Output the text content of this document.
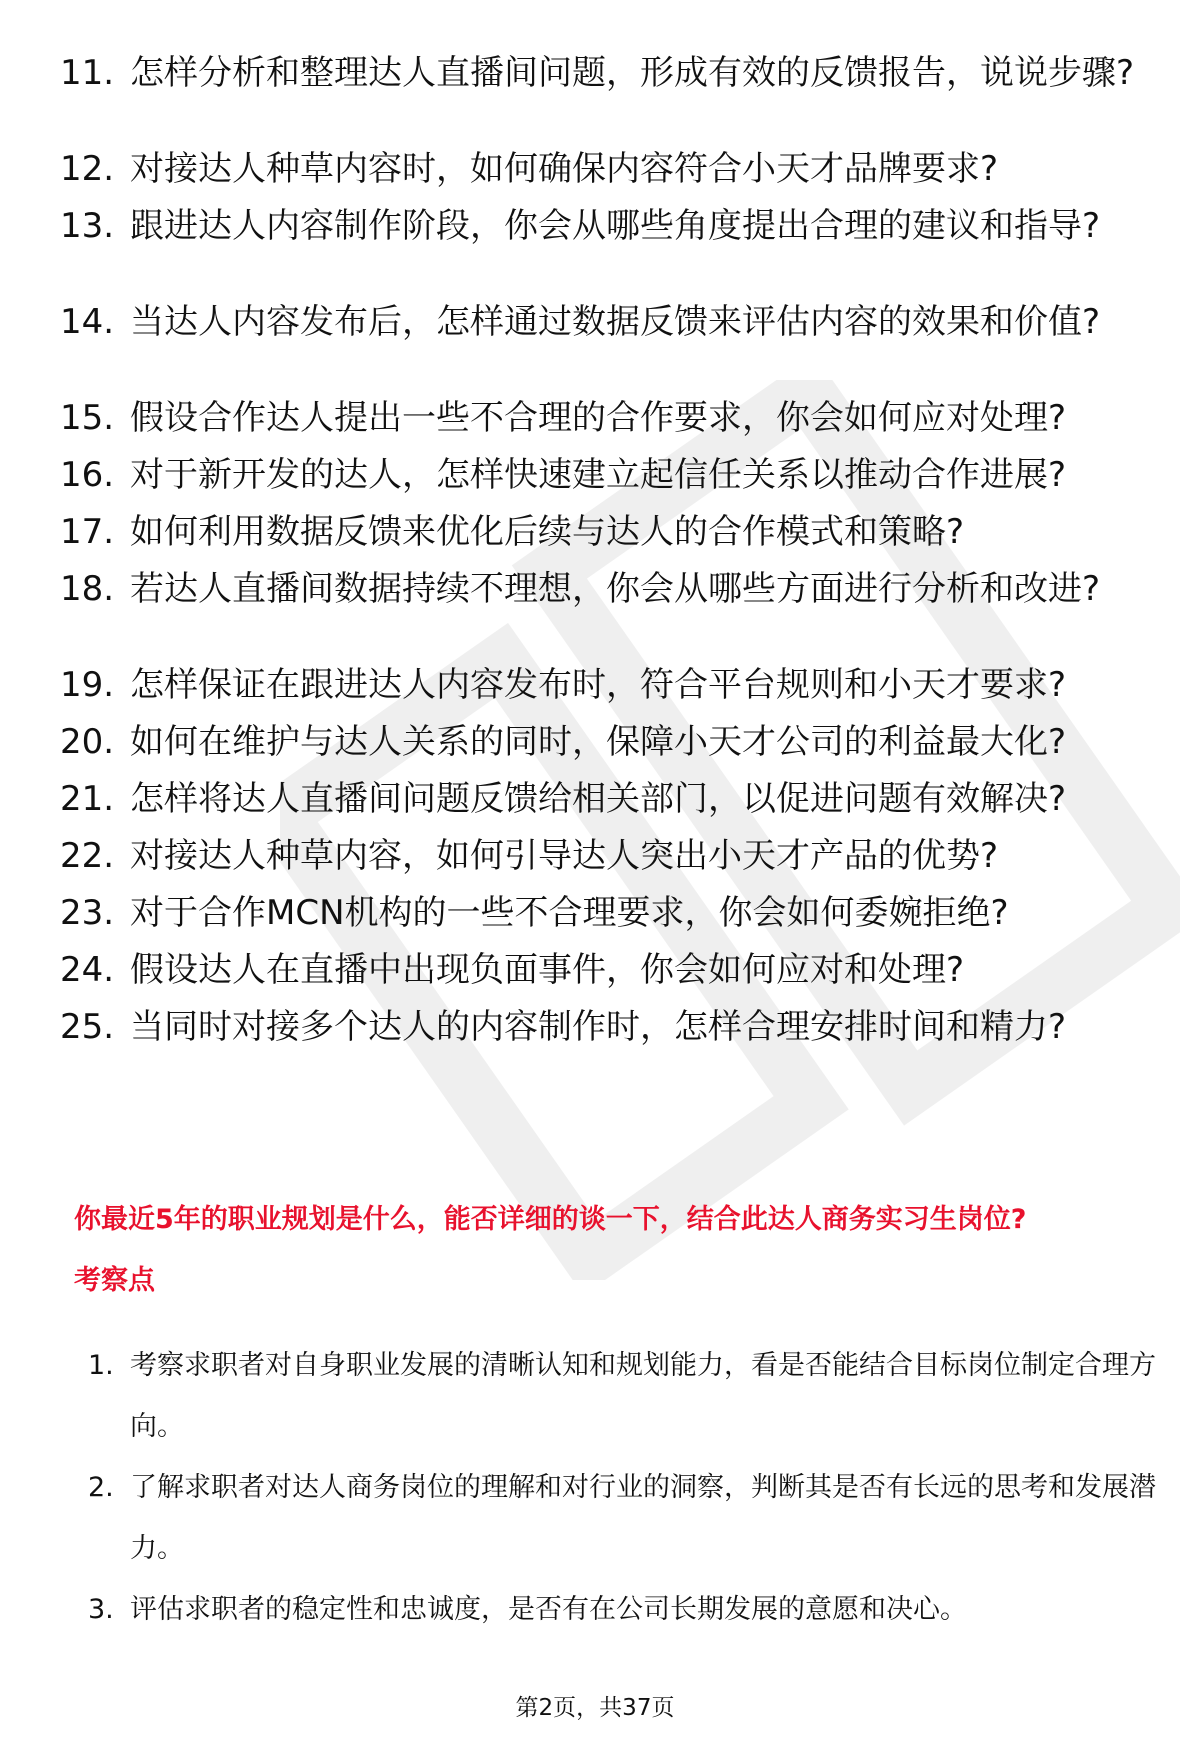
11. 怎样分析和整理达人直播间问题，形成有效的反馈报告，说说步骤?
12. 对接达人种草内容时，如何确保内容符合小天才品牌要求?
13. 跟进达人内容制作阶段，你会从哪些角度提出合理的建议和指导?
14. 当达人内容发布后，怎样通过数据反馈来评估内容的效果和价值?
15. 假设合作达人提出一些不合理的合作要求，你会如何应对处理?
16. 对于新开发的达人，怎样快速建立起信任关系以推动合作进展?
17. 如何利用数据反馈来优化后续与达人的合作模式和策略?
18. 若达人直播间数据持续不理想，你会从哪些方面进行分析和改进?
19. 怎样保证在跟进达人内容发布时，符合平台规则和小天才要求?
20. 如何在维护与达人关系的同时，保障小天才公司的利益最大化?
21. 怎样将达人直播间问题反馈给相关部门，以促进问题有效解决?
22. 对接达人种草内容，如何引导达人突出小天才产品的优势?
23. 对于合作MCN机构的一些不合理要求，你会如何委婉拒绝?
24. 假设达人在直播中出现负面事件，你会如何应对和处理?
25. 当同时对接多个达人的内容制作时，怎样合理安排时间和精力?
你最近5年的职业规划是什么，能否详细的谈一下，结合此达人商务实习生岗位?
考察点
1. 考察求职者对自身职业发展的清晰认知和规划能力，看是否能结合目标岗位制定合理方向。
2. 了解求职者对达人商务岗位的理解和对行业的洞察，判断其是否有长远的思考和发展潜力。
3. 评估求职者的稳定性和忠诚度，是否有在公司长期发展的意愿和决心。
第2页，共37页
